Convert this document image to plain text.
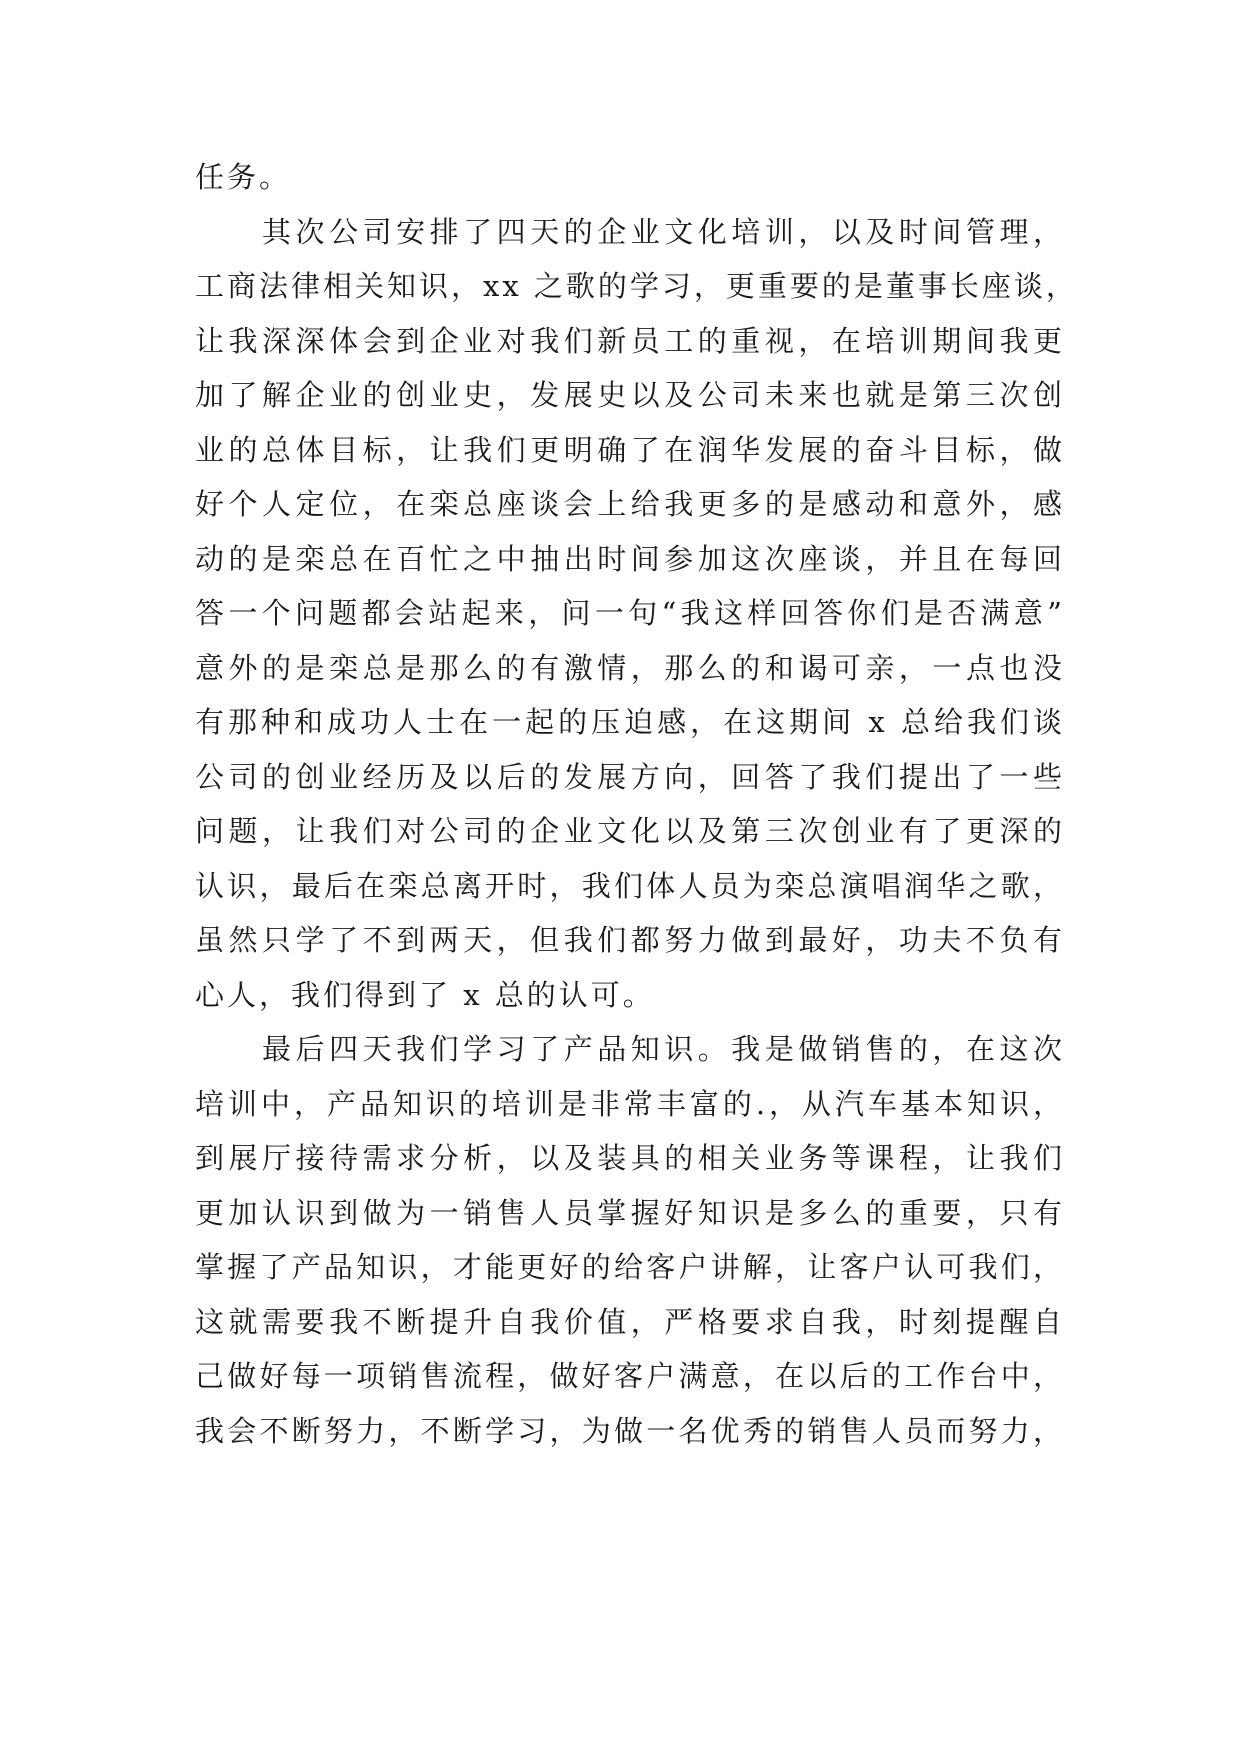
任务。
　　其次公司安排了四天的企业文化培训，以及时间管理，
工商法律相关知识，xx 之歌的学习，更重要的是董事长座谈，
让我深深体会到企业对我们新员工的重视，在培训期间我更
加了解企业的创业史，发展史以及公司未来也就是第三次创
业的总体目标，让我们更明确了在润华发展的奋斗目标，做
好个人定位，在栾总座谈会上给我更多的是感动和意外，感
动的是栾总在百忙之中抽出时间参加这次座谈，并且在每回
答一个问题都会站起来，问一句“我这样回答你们是否满意”
意外的是栾总是那么的有激情，那么的和谒可亲，一点也没
有那种和成功人士在一起的压迫感，在这期间 x 总给我们谈
公司的创业经历及以后的发展方向，回答了我们提出了一些
问题，让我们对公司的企业文化以及第三次创业有了更深的
认识，最后在栾总离开时，我们体人员为栾总演唱润华之歌，
虽然只学了不到两天，但我们都努力做到最好，功夫不负有
心人，我们得到了 x 总的认可。
　　最后四天我们学习了产品知识。我是做销售的，在这次
培训中，产品知识的培训是非常丰富的.，从汽车基本知识，
到展厅接待需求分析，以及装具的相关业务等课程，让我们
更加认识到做为一销售人员掌握好知识是多么的重要，只有
掌握了产品知识，才能更好的给客户讲解，让客户认可我们，
这就需要我不断提升自我价值，严格要求自我，时刻提醒自
己做好每一项销售流程，做好客户满意，在以后的工作台中，
我会不断努力，不断学习，为做一名优秀的销售人员而努力，
